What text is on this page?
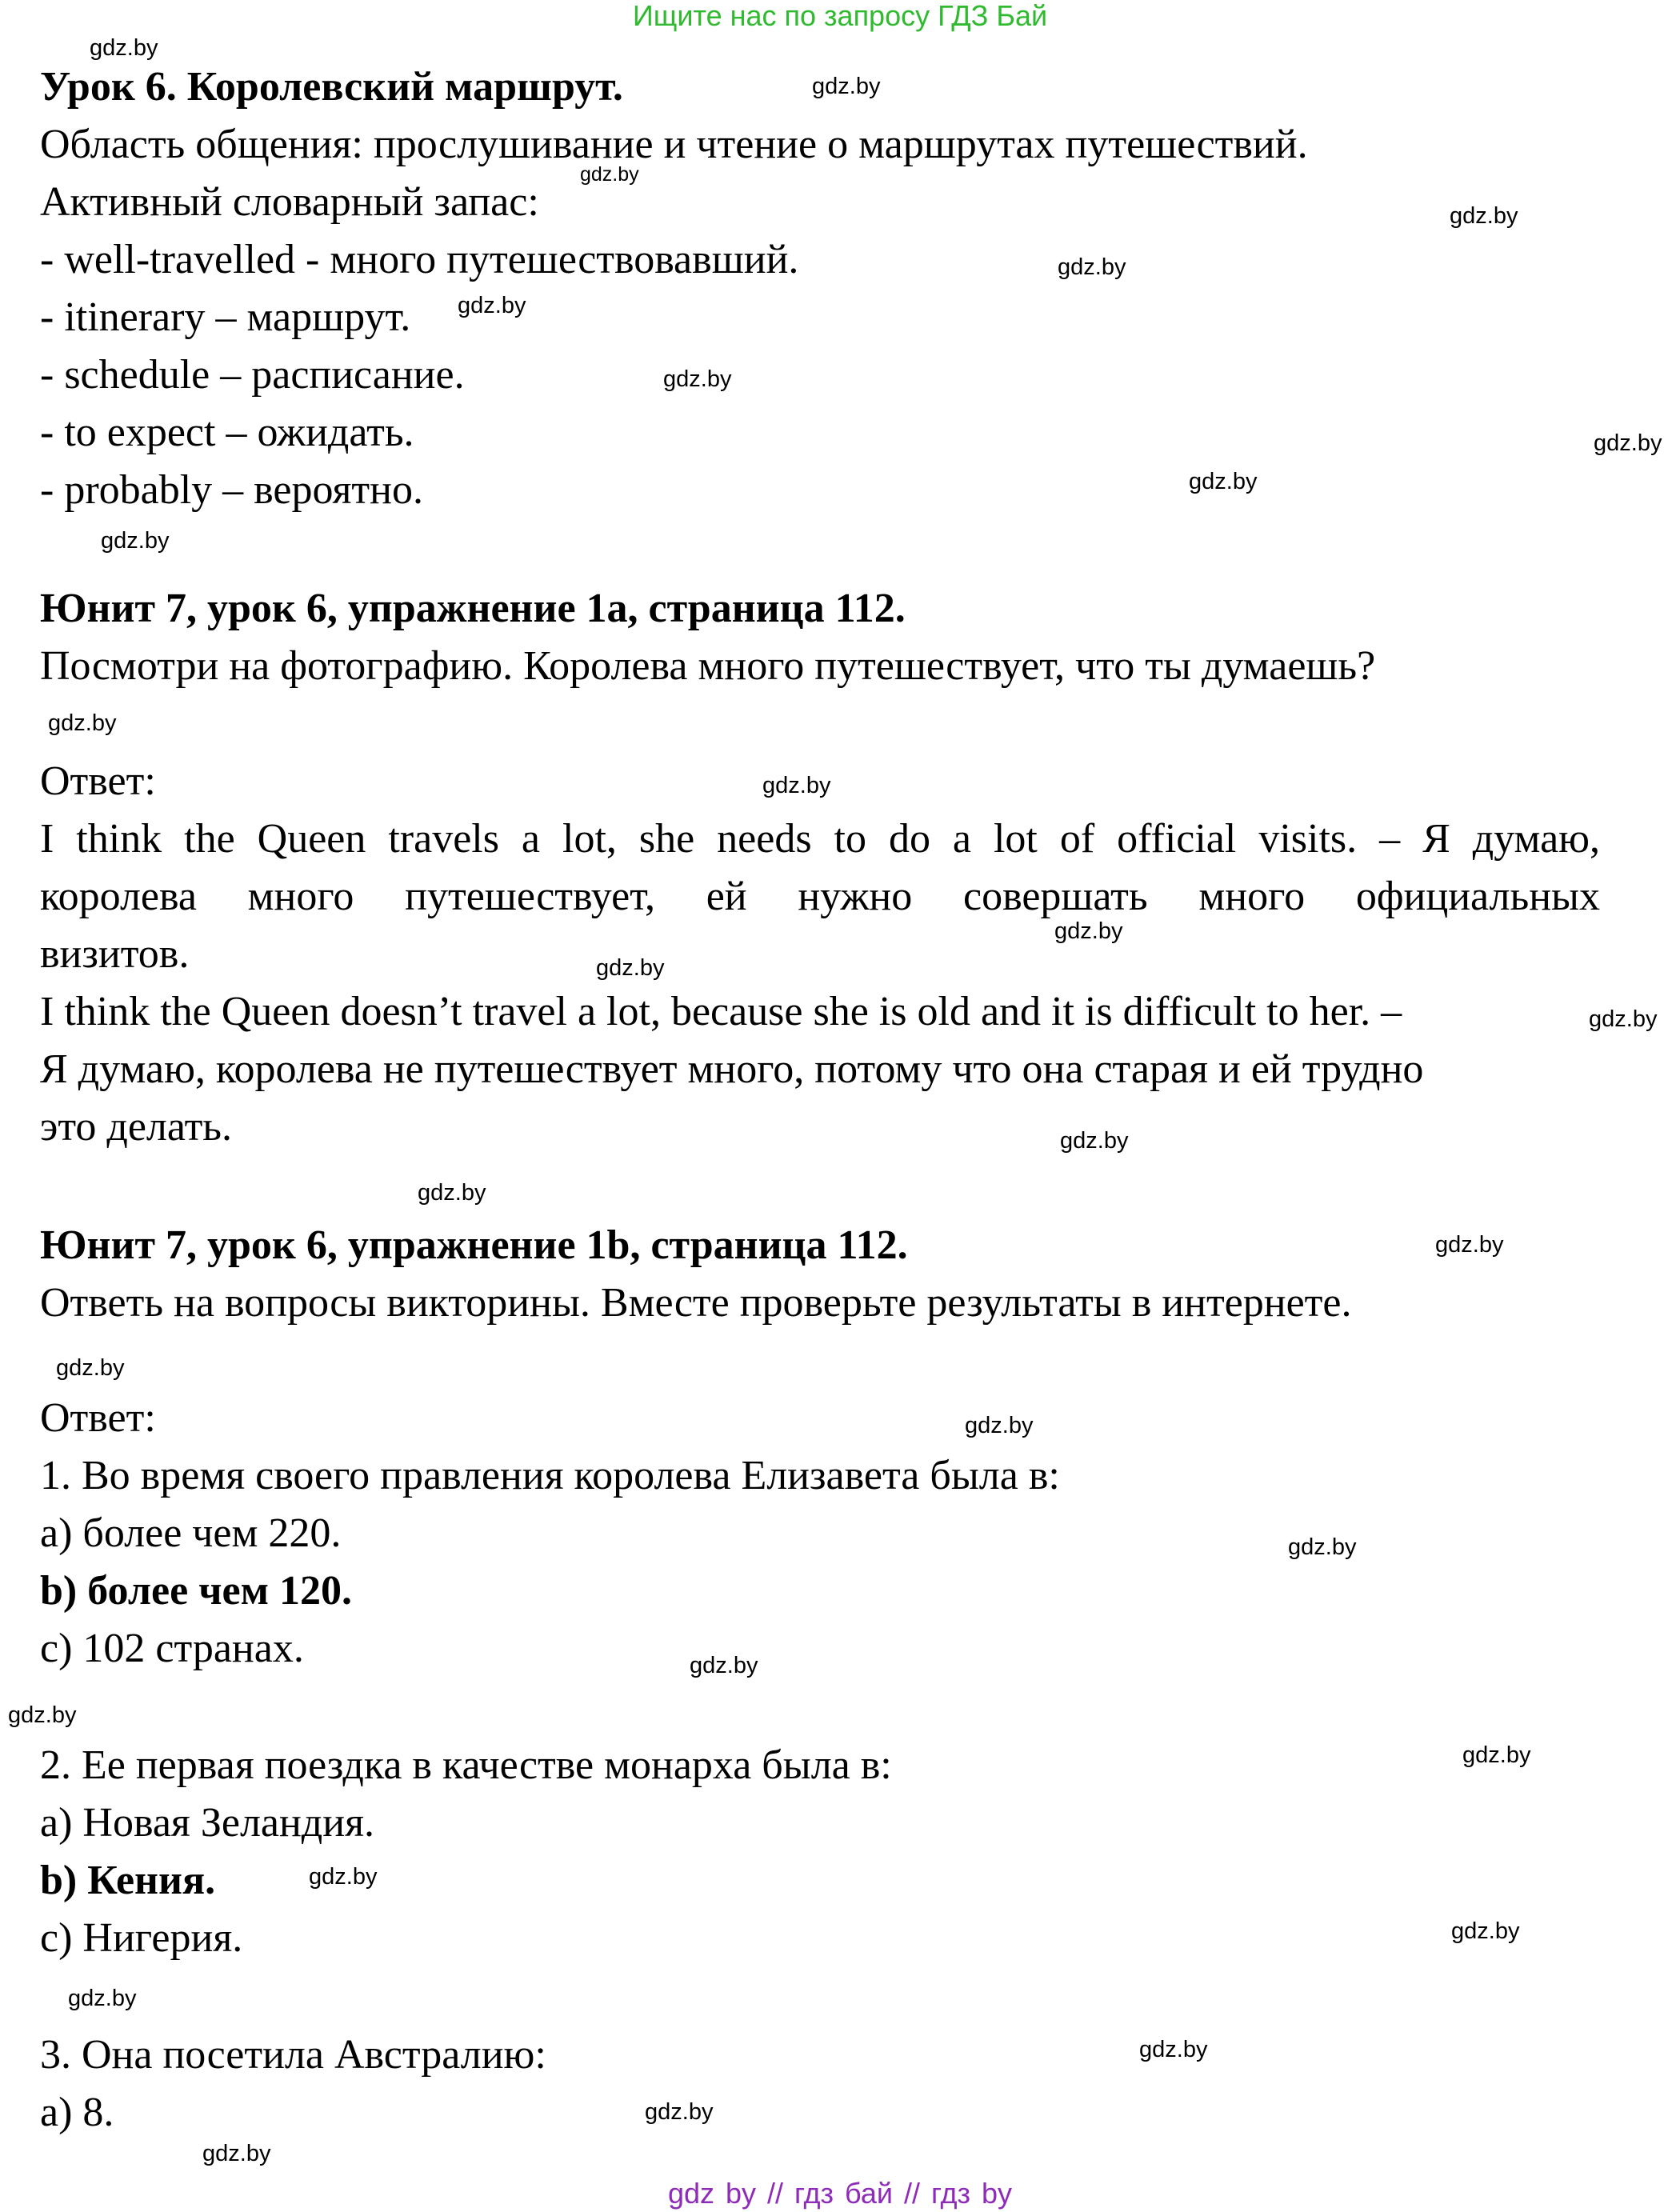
Ищите нас по запросу ГДЗ Бай
Урок 6. Королевский маршрут.
Область общения: прослушивание и чтение о маршрутах путешествий.
Активный словарный запас:
- well-travelled - много путешествовавший.
- itinerary – маршрут.
- schedule – расписание.
- to expect – ожидать.
- probably – вероятно.
Юнит 7, урок 6, упражнение 1а, страница 112.
Посмотри на фотографию. Королева много путешествует, что ты думаешь?
Ответ:
I think the Queen travels a lot, she needs to do a lot of official visits. – Я думаю,
королева много путешествует, ей нужно совершать много официальных
визитов.
I think the Queen doesn’t travel a lot, because she is old and it is difficult to her. –
Я думаю, королева не путешествует много, потому что она старая и ей трудно
это делать.
Юнит 7, урок 6, упражнение 1b, страница 112.
Ответь на вопросы викторины. Вместе проверьте результаты в интернете.
Ответ:
1. Во время своего правления королева Елизавета была в:
а) более чем 220.
b) более чем 120.
с) 102 странах.
2. Ее первая поездка в качестве монарха была в:
а) Новая Зеландия.
b) Кения.
с) Нигерия.
3. Она посетила Австралию:
а) 8.
gdz.by
gdz.by
gdz.by
gdz.by
gdz.by
gdz.by
gdz.by
gdz.by
gdz.by
gdz.by
gdz.by
gdz.by
gdz.by
gdz.by
gdz.by
gdz.by
gdz.by
gdz.by
gdz.by
gdz.by
gdz.by
gdz.by
gdz.by
gdz.by
gdz.by
gdz.by
gdz.by
gdz.by
gdz.by
gdz.by
gdz by // гдз бай // гдз by
